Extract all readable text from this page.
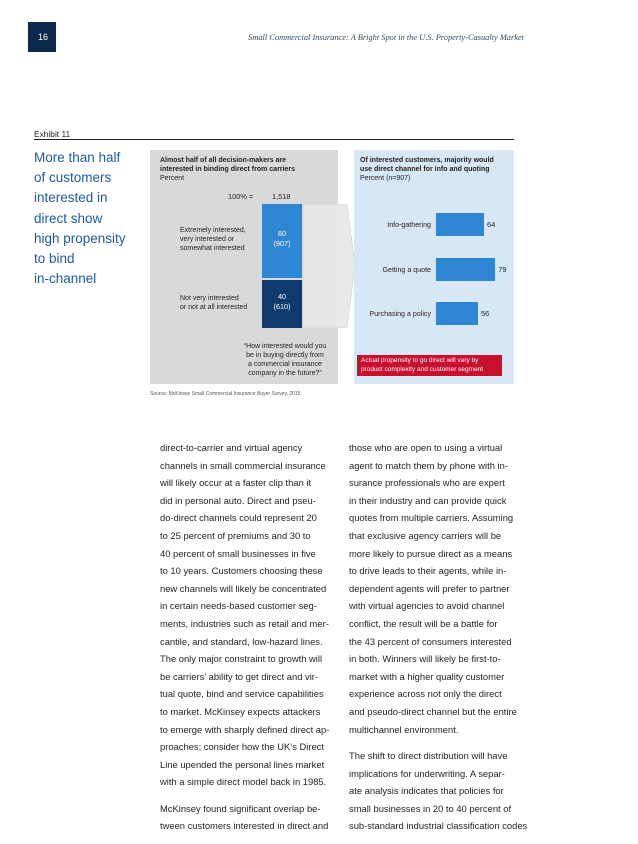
16	Small Commercial Insurance: A Bright Spot in the U.S. Property-Casualty Market
Exhibit 11
More than half
of customers
interested in
direct show
high propensity
to bind
in-channel
Almost half of all decision-makers are
interested in binding direct from carriers
Percent
100% =	1,518
60
(907)
40
(610)
Extremely interested,
very interested or
somewhat interested
Not very interested
or not at all interested
“How interested would you
be in buying directly from
a commercial insurance
company in the future?”
Of interested customers, majority would
use direct channel for info and quoting
Percent (n=907)
Info-gathering	64
Getting a quote	79
Purchasing a policy	56
Actual propensity to go direct will vary by
product complexity and customer segment
Source: McKinsey Small Commercial Insurance Buyer Survey, 2015

direct-to-carrier and virtual agency
channels in small commercial insurance
will likely occur at a faster clip than it
did in personal auto. Direct and pseu-
do-direct channels could represent 20
to 25 percent of premiums and 30 to
40 percent of small businesses in five
to 10 years. Customers choosing these
new channels will likely be concentrated
in certain needs-based customer seg-
ments, industries such as retail and mer-
cantile, and standard, low-hazard lines.
The only major constraint to growth will
be carriers’ ability to get direct and vir-
tual quote, bind and service capabilities
to market. McKinsey expects attackers
to emerge with sharply defined direct ap-
proaches; consider how the UK’s Direct
Line upended the personal lines market
with a simple direct model back in 1985.

McKinsey found significant overlap be-
tween customers interested in direct and

those who are open to using a virtual
agent to match them by phone with in-
surance professionals who are expert
in their industry and can provide quick
quotes from multiple carriers. Assuming
that exclusive agency carriers will be
more likely to pursue direct as a means
to drive leads to their agents, while in-
dependent agents will prefer to partner
with virtual agencies to avoid channel
conflict, the result will be a battle for
the 43 percent of consumers interested
in both. Winners will likely be first-to-
market with a higher quality customer
experience across not only the direct
and pseudo-direct channel but the entire
multichannel environment.

The shift to direct distribution will have
implications for underwriting. A separ-
ate analysis indicates that policies for
small businesses in 20 to 40 percent of
sub-standard industrial classification codes
